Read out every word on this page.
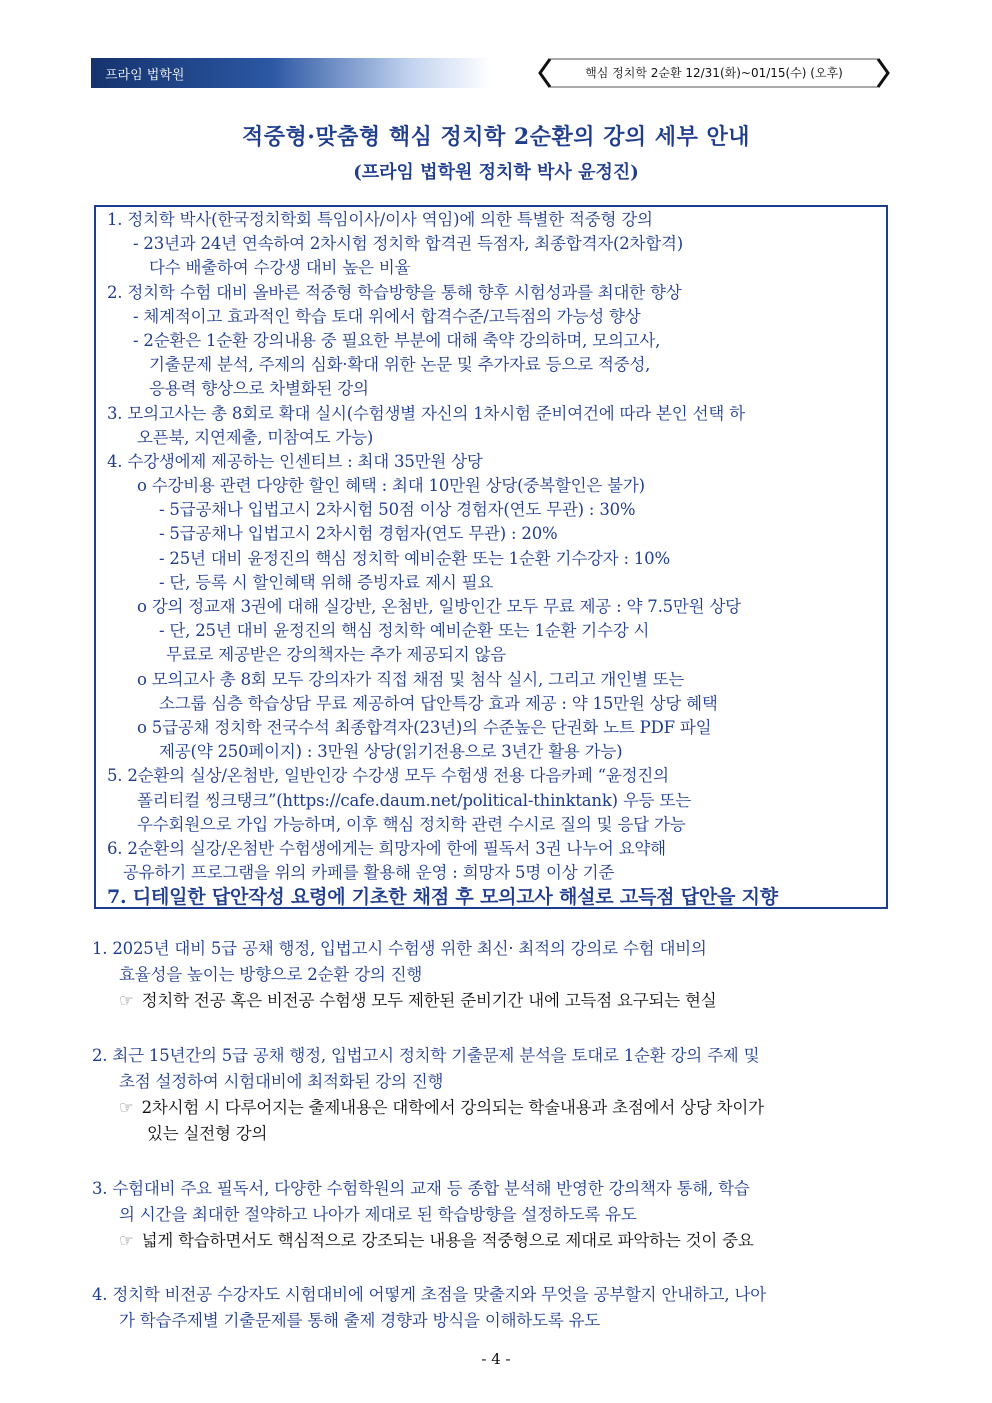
프라임 법학원	핵심 정치학 2순환 12/31(화)~01/15(수) (오후)
적중형·맞춤형 핵심 정치학 2순환의 강의 세부 안내
(프라임 법학원 정치학 박사 윤정진)
1. 정치학 박사(한국정치학회 특임이사/이사 역임)에 의한 특별한 적중형 강의
- 23년과 24년 연속하여 2차시험 정치학 합격권 득점자, 최종합격자(2차합격)
다수 배출하여 수강생 대비 높은 비율
2. 정치학 수험 대비 올바른 적중형 학습방향을 통해 향후 시험성과를 최대한 향상
- 체계적이고 효과적인 학습 토대 위에서 합격수준/고득점의 가능성 향상
- 2순환은 1순환 강의내용 중 필요한 부분에 대해 축약 강의하며, 모의고사,
기출문제 분석, 주제의 심화·확대 위한 논문 및 추가자료 등으로 적중성,
응용력 향상으로 차별화된 강의
3. 모의고사는 총 8회로 확대 실시(수험생별 자신의 1차시험 준비여건에 따라 본인 선택 하
오픈북, 지연제출, 미참여도 가능)
4. 수강생에제 제공하는 인센티브 : 최대 35만원 상당
o 수강비용 관련 다양한 할인 혜택 : 최대 10만원 상당(중복할인은 불가)
- 5급공채나 입법고시 2차시험 50점 이상 경험자(연도 무관) : 30%
- 5급공채나 입법고시 2차시험 경험자(연도 무관) : 20%
- 25년 대비 윤정진의 핵심 정치학 예비순환 또는 1순환 기수강자 : 10%
- 단, 등록 시 할인혜택 위해 증빙자료 제시 필요
o 강의 정교재 3권에 대해 실강반, 온첨반, 일방인간 모두 무료 제공 : 약 7.5만원 상당
- 단, 25년 대비 윤정진의 핵심 정치학 예비순환 또는 1순환 기수강 시
무료로 제공받은 강의책자는 추가 제공되지 않음
o 모의고사 총 8회 모두 강의자가 직접 채점 및 첨삭 실시, 그리고 개인별 또는
소그룹 심층 학습상담 무료 제공하여 답안특강 효과 제공 : 약 15만원 상당 혜택
o 5급공채 정치학 전국수석 최종합격자(23년)의 수준높은 단권화 노트 PDF 파일
제공(약 250페이지) : 3만원 상당(읽기전용으로 3년간 활용 가능)
5. 2순환의 실상/온첨반, 일반인강 수강생 모두 수험생 전용 다음카페 “윤정진의
폴리티컬 씽크탱크”(https://cafe.daum.net/political-thinktank) 우등 또는
우수회원으로 가입 가능하며, 이후 핵심 정치학 관련 수시로 질의 및 응답 가능
6. 2순환의 실강/온첨반 수험생에게는 희망자에 한에 필독서 3권 나누어 요약해
공유하기 프로그램을 위의 카페를 활용해 운영 : 희망자 5명 이상 기준
7. 디테일한 답안작성 요령에 기초한 채점 후 모의고사 해설로 고득점 답안을 지향
1. 2025년 대비 5급 공채 행정, 입법고시 수험생 위한 최신· 최적의 강의로 수험 대비의
효율성을 높이는 방향으로 2순환 강의 진행
☞ 정치학 전공 혹은 비전공 수험생 모두 제한된 준비기간 내에 고득점 요구되는 현실
2. 최근 15년간의 5급 공채 행정, 입법고시 정치학 기출문제 분석을 토대로 1순환 강의 주제 및
초점 설정하여 시험대비에 최적화된 강의 진행
☞ 2차시험 시 다루어지는 출제내용은 대학에서 강의되는 학술내용과 초점에서 상당 차이가
있는 실전형 강의
3. 수험대비 주요 필독서, 다양한 수험학원의 교재 등 종합 분석해 반영한 강의책자 통해, 학습
의 시간을 최대한 절약하고 나아가 제대로 된 학습방향을 설정하도록 유도
☞ 넓게 학습하면서도 핵심적으로 강조되는 내용을 적중형으로 제대로 파악하는 것이 중요
4. 정치학 비전공 수강자도 시험대비에 어떻게 초점을 맞출지와 무엇을 공부할지 안내하고, 나아
가 학습주제별 기출문제를 통해 출제 경향과 방식을 이해하도록 유도
- 4 -
